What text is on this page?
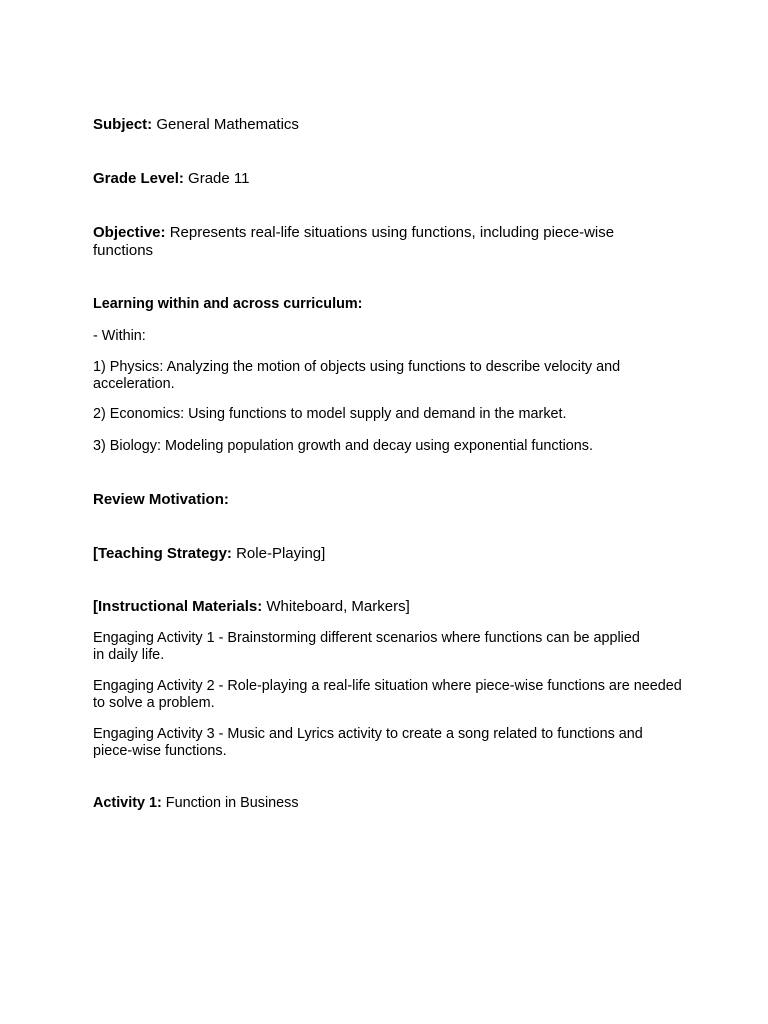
Subject: General Mathematics
Grade Level: Grade 11
Objective: Represents real-life situations using functions, including piece-wise functions
Learning within and across curriculum:
- Within:
1) Physics: Analyzing the motion of objects using functions to describe velocity and acceleration.
2) Economics: Using functions to model supply and demand in the market.
3) Biology: Modeling population growth and decay using exponential functions.
Review Motivation:
[Teaching Strategy: Role-Playing]
[Instructional Materials: Whiteboard, Markers]
Engaging Activity 1 - Brainstorming different scenarios where functions can be applied in daily life.
Engaging Activity 2 - Role-playing a real-life situation where piece-wise functions are needed to solve a problem.
Engaging Activity 3 - Music and Lyrics activity to create a song related to functions and piece-wise functions.
Activity 1: Function in Business
